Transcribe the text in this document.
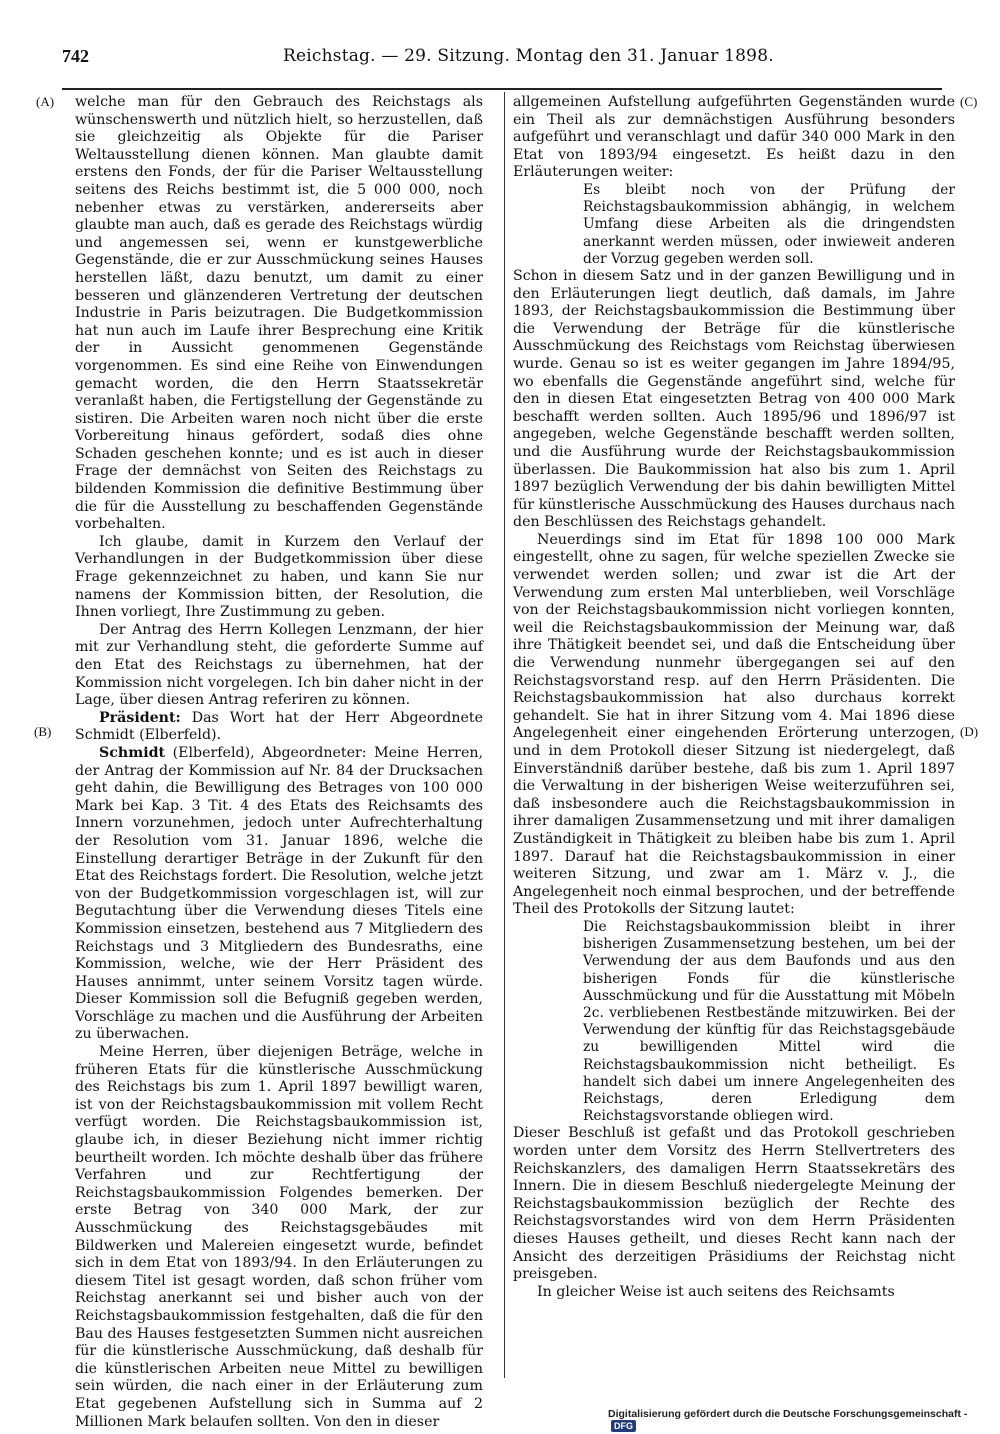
742	Reichstag. — 29. Sitzung. Montag den 31. Januar 1898.
(A)
(B)
(C)
(D)

welche man für den Gebrauch des Reichstags als wünschenswerth und nützlich hielt, so herzustellen, daß sie gleichzeitig als Objekte für die Pariser Weltausstellung dienen können. Man glaubte damit erstens den Fonds, der für die Pariser Weltausstellung seitens des Reichs bestimmt ist, die 5 000 000, noch nebenher etwas zu verstärken, andererseits aber glaubte man auch, daß es gerade des Reichstags würdig und angemessen sei, wenn er kunstgewerbliche Gegenstände, die er zur Ausschmückung seines Hauses herstellen läßt, dazu benutzt, um damit zu einer besseren und glänzenderen Vertretung der deutschen Industrie in Paris beizutragen. Die Budgetkommission hat nun auch im Laufe ihrer Besprechung eine Kritik der in Aussicht genommenen Gegenstände vorgenommen. Es sind eine Reihe von Einwendungen gemacht worden, die den Herrn Staatssekretär veranlaßt haben, die Fertigstellung der Gegenstände zu sistiren. Die Arbeiten waren noch nicht über die erste Vorbereitung hinaus gefördert, sodaß dies ohne Schaden geschehen konnte; und es ist auch in dieser Frage der demnächst von Seiten des Reichstags zu bildenden Kommission die definitive Bestimmung über die für die Ausstellung zu beschaffenden Gegenstände vorbehalten.

Ich glaube, damit in Kurzem den Verlauf der Verhandlungen in der Budgetkommission über diese Frage gekennzeichnet zu haben, und kann Sie nur namens der Kommission bitten, der Resolution, die Ihnen vorliegt, Ihre Zustimmung zu geben.

Der Antrag des Herrn Kollegen Lenzmann, der hier mit zur Verhandlung steht, die geforderte Summe auf den Etat des Reichstags zu übernehmen, hat der Kommission nicht vorgelegen. Ich bin daher nicht in der Lage, über diesen Antrag referiren zu können.

Präsident: Das Wort hat der Herr Abgeordnete Schmidt (Elberfeld).

Schmidt (Elberfeld), Abgeordneter: Meine Herren, der Antrag der Kommission auf Nr. 84 der Drucksachen geht dahin, die Bewilligung des Betrages von 100 000 Mark bei Kap. 3 Tit. 4 des Etats des Reichsamts des Innern vorzunehmen, jedoch unter Aufrechterhaltung der Resolution vom 31. Januar 1896, welche die Einstellung derartiger Beträge in der Zukunft für den Etat des Reichstags fordert. Die Resolution, welche jetzt von der Budgetkommission vorgeschlagen ist, will zur Begutachtung über die Verwendung dieses Titels eine Kommission einsetzen, bestehend aus 7 Mitgliedern des Reichstags und 3 Mitgliedern des Bundesraths, eine Kommission, welche, wie der Herr Präsident des Hauses annimmt, unter seinem Vorsitz tagen würde. Dieser Kommission soll die Befugniß gegeben werden, Vorschläge zu machen und die Ausführung der Arbeiten zu überwachen.

Meine Herren, über diejenigen Beträge, welche in früheren Etats für die künstlerische Ausschmückung des Reichstags bis zum 1. April 1897 bewilligt waren, ist von der Reichstagsbaukommission mit vollem Recht verfügt worden. Die Reichstagsbaukommission ist, glaube ich, in dieser Beziehung nicht immer richtig beurtheilt worden. Ich möchte deshalb über das frühere Verfahren und zur Rechtfertigung der Reichstagsbaukommission Folgendes bemerken. Der erste Betrag von 340 000 Mark, der zur Ausschmückung des Reichstagsgebäudes mit Bildwerken und Malereien eingesetzt wurde, befindet sich in dem Etat von 1893/94. In den Erläuterungen zu diesem Titel ist gesagt worden, daß schon früher vom Reichstag anerkannt sei und bisher auch von der Reichstagsbaukommission festgehalten, daß die für den Bau des Hauses festgesetzten Summen nicht ausreichen für die künstlerische Ausschmückung, daß deshalb für die künstlerischen Arbeiten neue Mittel zu bewilligen sein würden, die nach einer in der Erläuterung zum Etat gegebenen Aufstellung sich in Summa auf 2 Millionen Mark belaufen sollten. Von den in dieser

allgemeinen Aufstellung aufgeführten Gegenständen wurde ein Theil als zur demnächstigen Ausführung besonders aufgeführt und veranschlagt und dafür 340 000 Mark in den Etat von 1893/94 eingesetzt. Es heißt dazu in den Erläuterungen weiter:

Es bleibt noch von der Prüfung der Reichstagsbaukommission abhängig, in welchem Umfang diese Arbeiten als die dringendsten anerkannt werden müssen, oder inwieweit anderen der Vorzug gegeben werden soll.

Schon in diesem Satz und in der ganzen Bewilligung und in den Erläuterungen liegt deutlich, daß damals, im Jahre 1893, der Reichstagsbaukommission die Bestimmung über die Verwendung der Beträge für die künstlerische Ausschmückung des Reichstags vom Reichstag überwiesen wurde. Genau so ist es weiter gegangen im Jahre 1894/95, wo ebenfalls die Gegenstände angeführt sind, welche für den in diesen Etat eingesetzten Betrag von 400 000 Mark beschafft werden sollten. Auch 1895/96 und 1896/97 ist angegeben, welche Gegenstände beschafft werden sollten, und die Ausführung wurde der Reichstagsbaukommission überlassen. Die Baukommission hat also bis zum 1. April 1897 bezüglich Verwendung der bis dahin bewilligten Mittel für künstlerische Ausschmückung des Hauses durchaus nach den Beschlüssen des Reichstags gehandelt.

Neuerdings sind im Etat für 1898 100 000 Mark eingestellt, ohne zu sagen, für welche speziellen Zwecke sie verwendet werden sollen; und zwar ist die Art der Verwendung zum ersten Mal unterblieben, weil Vorschläge von der Reichstagsbaukommission nicht vorliegen konnten, weil die Reichstagsbaukommission der Meinung war, daß ihre Thätigkeit beendet sei, und daß die Entscheidung über die Verwendung nunmehr übergegangen sei auf den Reichstagsvorstand resp. auf den Herrn Präsidenten. Die Reichstagsbaukommission hat also durchaus korrekt gehandelt. Sie hat in ihrer Sitzung vom 4. Mai 1896 diese Angelegenheit einer eingehenden Erörterung unterzogen, und in dem Protokoll dieser Sitzung ist niedergelegt, daß Einverständniß darüber bestehe, daß bis zum 1. April 1897 die Verwaltung in der bisherigen Weise weiterzuführen sei, daß insbesondere auch die Reichstagsbaukommission in ihrer damaligen Zusammensetzung und mit ihrer damaligen Zuständigkeit in Thätigkeit zu bleiben habe bis zum 1. April 1897. Darauf hat die Reichstagsbaukommission in einer weiteren Sitzung, und zwar am 1. März v. J., die Angelegenheit noch einmal besprochen, und der betreffende Theil des Protokolls der Sitzung lautet:

Die Reichstagsbaukommission bleibt in ihrer bisherigen Zusammensetzung bestehen, um bei der Verwendung der aus dem Baufonds und aus den bisherigen Fonds für die künstlerische Ausschmückung und für die Ausstattung mit Möbeln 2c. verbliebenen Restbestände mitzuwirken. Bei der Verwendung der künftig für das Reichstagsgebäude zu bewilligenden Mittel wird die Reichstagsbaukommission nicht betheiligt. Es handelt sich dabei um innere Angelegenheiten des Reichstags, deren Erledigung dem Reichstagsvorstande obliegen wird.

Dieser Beschluß ist gefaßt und das Protokoll geschrieben worden unter dem Vorsitz des Herrn Stellvertreters des Reichskanzlers, des damaligen Herrn Staatssekretärs des Innern. Die in diesem Beschluß niedergelegte Meinung der Reichstagsbaukommission bezüglich der Rechte des Reichstagsvorstandes wird von dem Herrn Präsidenten dieses Hauses getheilt, und dieses Recht kann nach der Ansicht des derzeitigen Präsidiums der Reichstag nicht preisgeben.

In gleicher Weise ist auch seitens des Reichsamts

Digitalisierung gefördert durch die Deutsche Forschungsgemeinschaft - DFG
